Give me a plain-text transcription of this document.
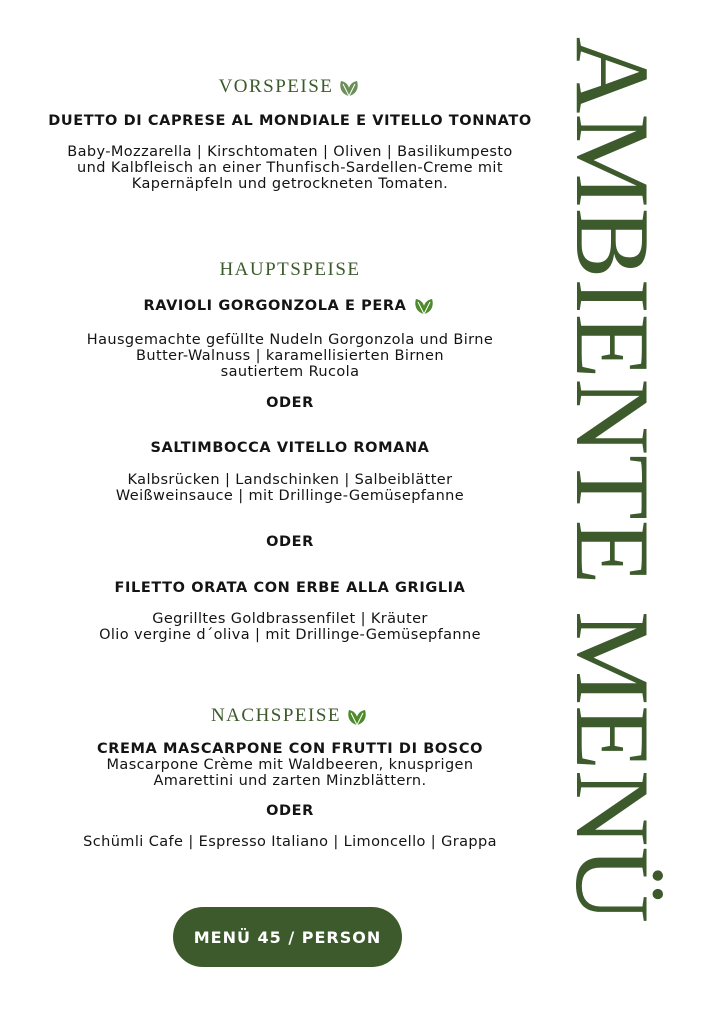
VORSPEISE
DUETTO DI CAPRESE AL MONDIALE E VITELLO TONNATO
Baby-Mozzarella | Kirschtomaten | Oliven | Basilikumpesto
und Kalbfleisch an einer Thunfisch-Sardellen-Creme mit
Kapernäpfeln und getrockneten Tomaten.
HAUPTSPEISE
RAVIOLI GORGONZOLA E PERA
Hausgemachte gefüllte Nudeln Gorgonzola und Birne
Butter-Walnuss | karamellisierten Birnen
sautiertem Rucola
ODER
SALTIMBOCCA VITELLO ROMANA
Kalbsrücken | Landschinken | Salbeiblätter
Weißweinsauce | mit Drillinge-Gemüsepfanne
ODER
FILETTO ORATA CON ERBE ALLA GRIGLIA
Gegrilltes Goldbrassenfilet | Kräuter
Olio vergine d´oliva | mit Drillinge-Gemüsepfanne
NACHSPEISE
CREMA MASCARPONE CON FRUTTI DI BOSCO
Mascarpone Crème mit Waldbeeren, knusprigen
Amarettini und zarten Minzblättern.
ODER
Schümli Cafe | Espresso Italiano | Limoncello | Grappa AMBIENTE MENÜ
MENÜ 45 / PERSON
